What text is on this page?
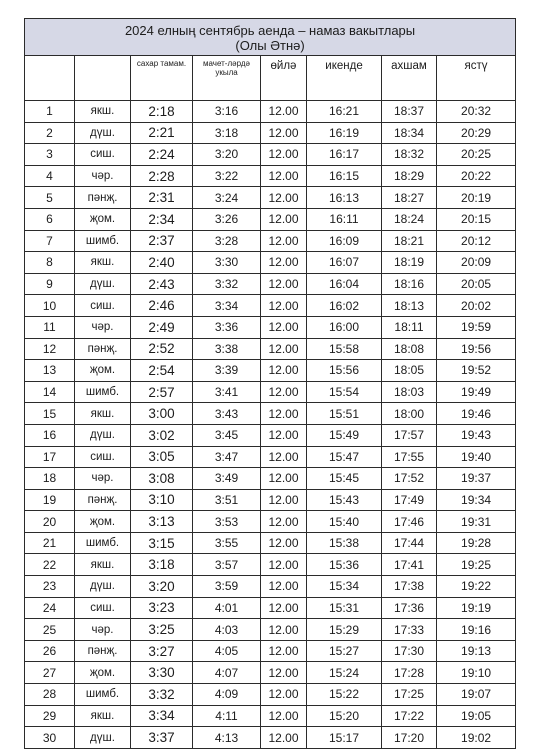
2024 елның сентябрь аенда – намаз вакытлары
(Олы Әтнә)							

		сахар тамам.	мачет-ләрдә укыла	өйлә	икенде	ахшам	ястү
1	якш.	2:18	3:16	12.00	16:21	18:37	20:32
2	дүш.	2:21	3:18	12.00	16:19	18:34	20:29
3	сиш.	2:24	3:20	12.00	16:17	18:32	20:25
4	чәр.	2:28	3:22	12.00	16:15	18:29	20:22
5	пәнҗ.	2:31	3:24	12.00	16:13	18:27	20:19
6	җом.	2:34	3:26	12.00	16:11	18:24	20:15
7	шимб.	2:37	3:28	12.00	16:09	18:21	20:12
8	якш.	2:40	3:30	12.00	16:07	18:19	20:09
9	дүш.	2:43	3:32	12.00	16:04	18:16	20:05
10	сиш.	2:46	3:34	12.00	16:02	18:13	20:02
11	чәр.	2:49	3:36	12.00	16:00	18:11	19:59
12	пәнҗ.	2:52	3:38	12.00	15:58	18:08	19:56
13	җом.	2:54	3:39	12.00	15:56	18:05	19:52
14	шимб.	2:57	3:41	12.00	15:54	18:03	19:49
15	якш.	3:00	3:43	12.00	15:51	18:00	19:46
16	дүш.	3:02	3:45	12.00	15:49	17:57	19:43
17	сиш.	3:05	3:47	12.00	15:47	17:55	19:40
18	чәр.	3:08	3:49	12.00	15:45	17:52	19:37
19	пәнҗ.	3:10	3:51	12.00	15:43	17:49	19:34
20	җом.	3:13	3:53	12.00	15:40	17:46	19:31
21	шимб.	3:15	3:55	12.00	15:38	17:44	19:28
22	якш.	3:18	3:57	12.00	15:36	17:41	19:25
23	дүш.	3:20	3:59	12.00	15:34	17:38	19:22
24	сиш.	3:23	4:01	12.00	15:31	17:36	19:19
25	чәр.	3:25	4:03	12.00	15:29	17:33	19:16
26	пәнҗ.	3:27	4:05	12.00	15:27	17:30	19:13
27	җом.	3:30	4:07	12.00	15:24	17:28	19:10
28	шимб.	3:32	4:09	12.00	15:22	17:25	19:07
29	якш.	3:34	4:11	12.00	15:20	17:22	19:05
30	дүш.	3:37	4:13	12.00	15:17	17:20	19:02
